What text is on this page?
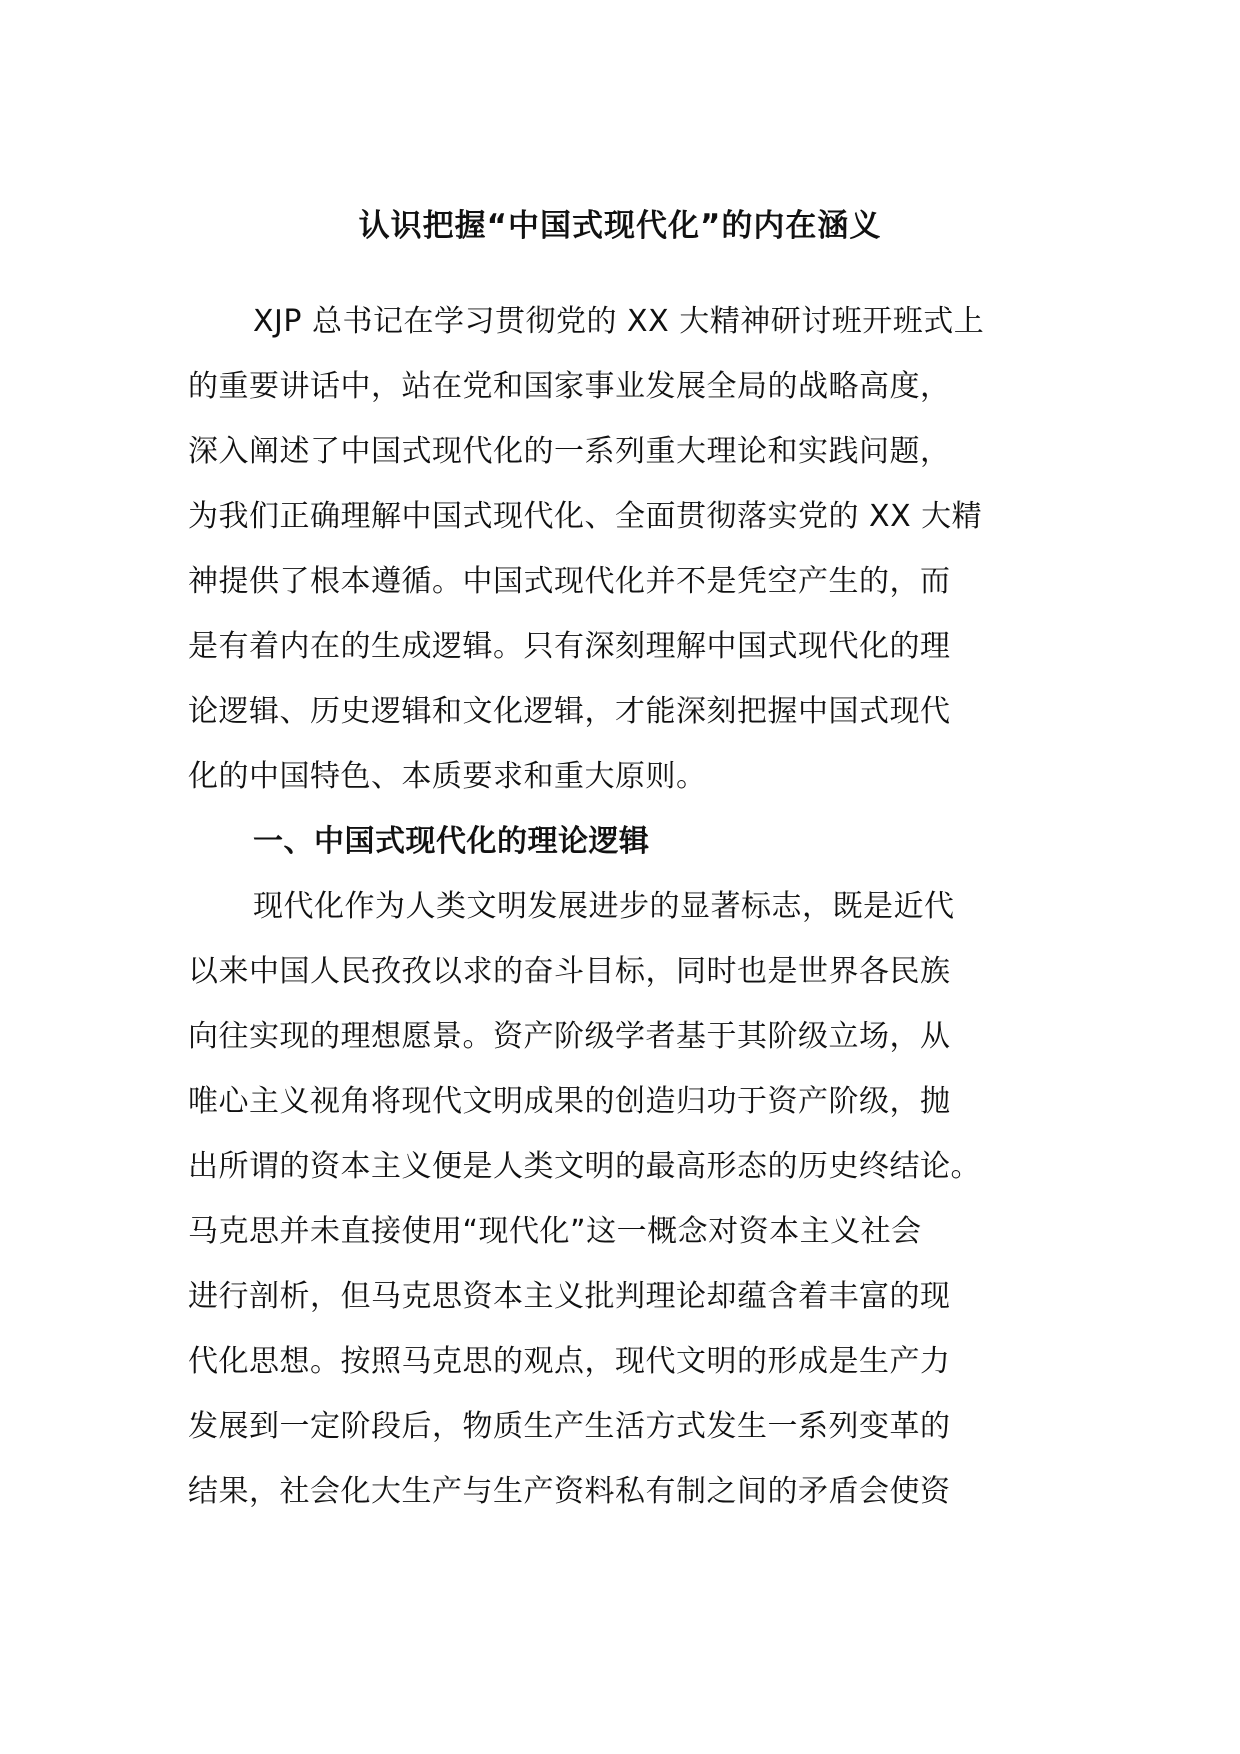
认识把握“中国式现代化”的内在涵义
XJP 总书记在学习贯彻党的 XX 大精神研讨班开班式上
的重要讲话中，站在党和国家事业发展全局的战略高度，
深入阐述了中国式现代化的一系列重大理论和实践问题，
为我们正确理解中国式现代化、全面贯彻落实党的 XX 大精
神提供了根本遵循。中国式现代化并不是凭空产生的，而
是有着内在的生成逻辑。只有深刻理解中国式现代化的理
论逻辑、历史逻辑和文化逻辑，才能深刻把握中国式现代
化的中国特色、本质要求和重大原则。
一、中国式现代化的理论逻辑
现代化作为人类文明发展进步的显著标志，既是近代
以来中国人民孜孜以求的奋斗目标，同时也是世界各民族
向往实现的理想愿景。资产阶级学者基于其阶级立场，从
唯心主义视角将现代文明成果的创造归功于资产阶级，抛
出所谓的资本主义便是人类文明的最高形态的历史终结论。
马克思并未直接使用“现代化”这一概念对资本主义社会
进行剖析，但马克思资本主义批判理论却蕴含着丰富的现
代化思想。按照马克思的观点，现代文明的形成是生产力
发展到一定阶段后，物质生产生活方式发生一系列变革的
结果，社会化大生产与生产资料私有制之间的矛盾会使资
